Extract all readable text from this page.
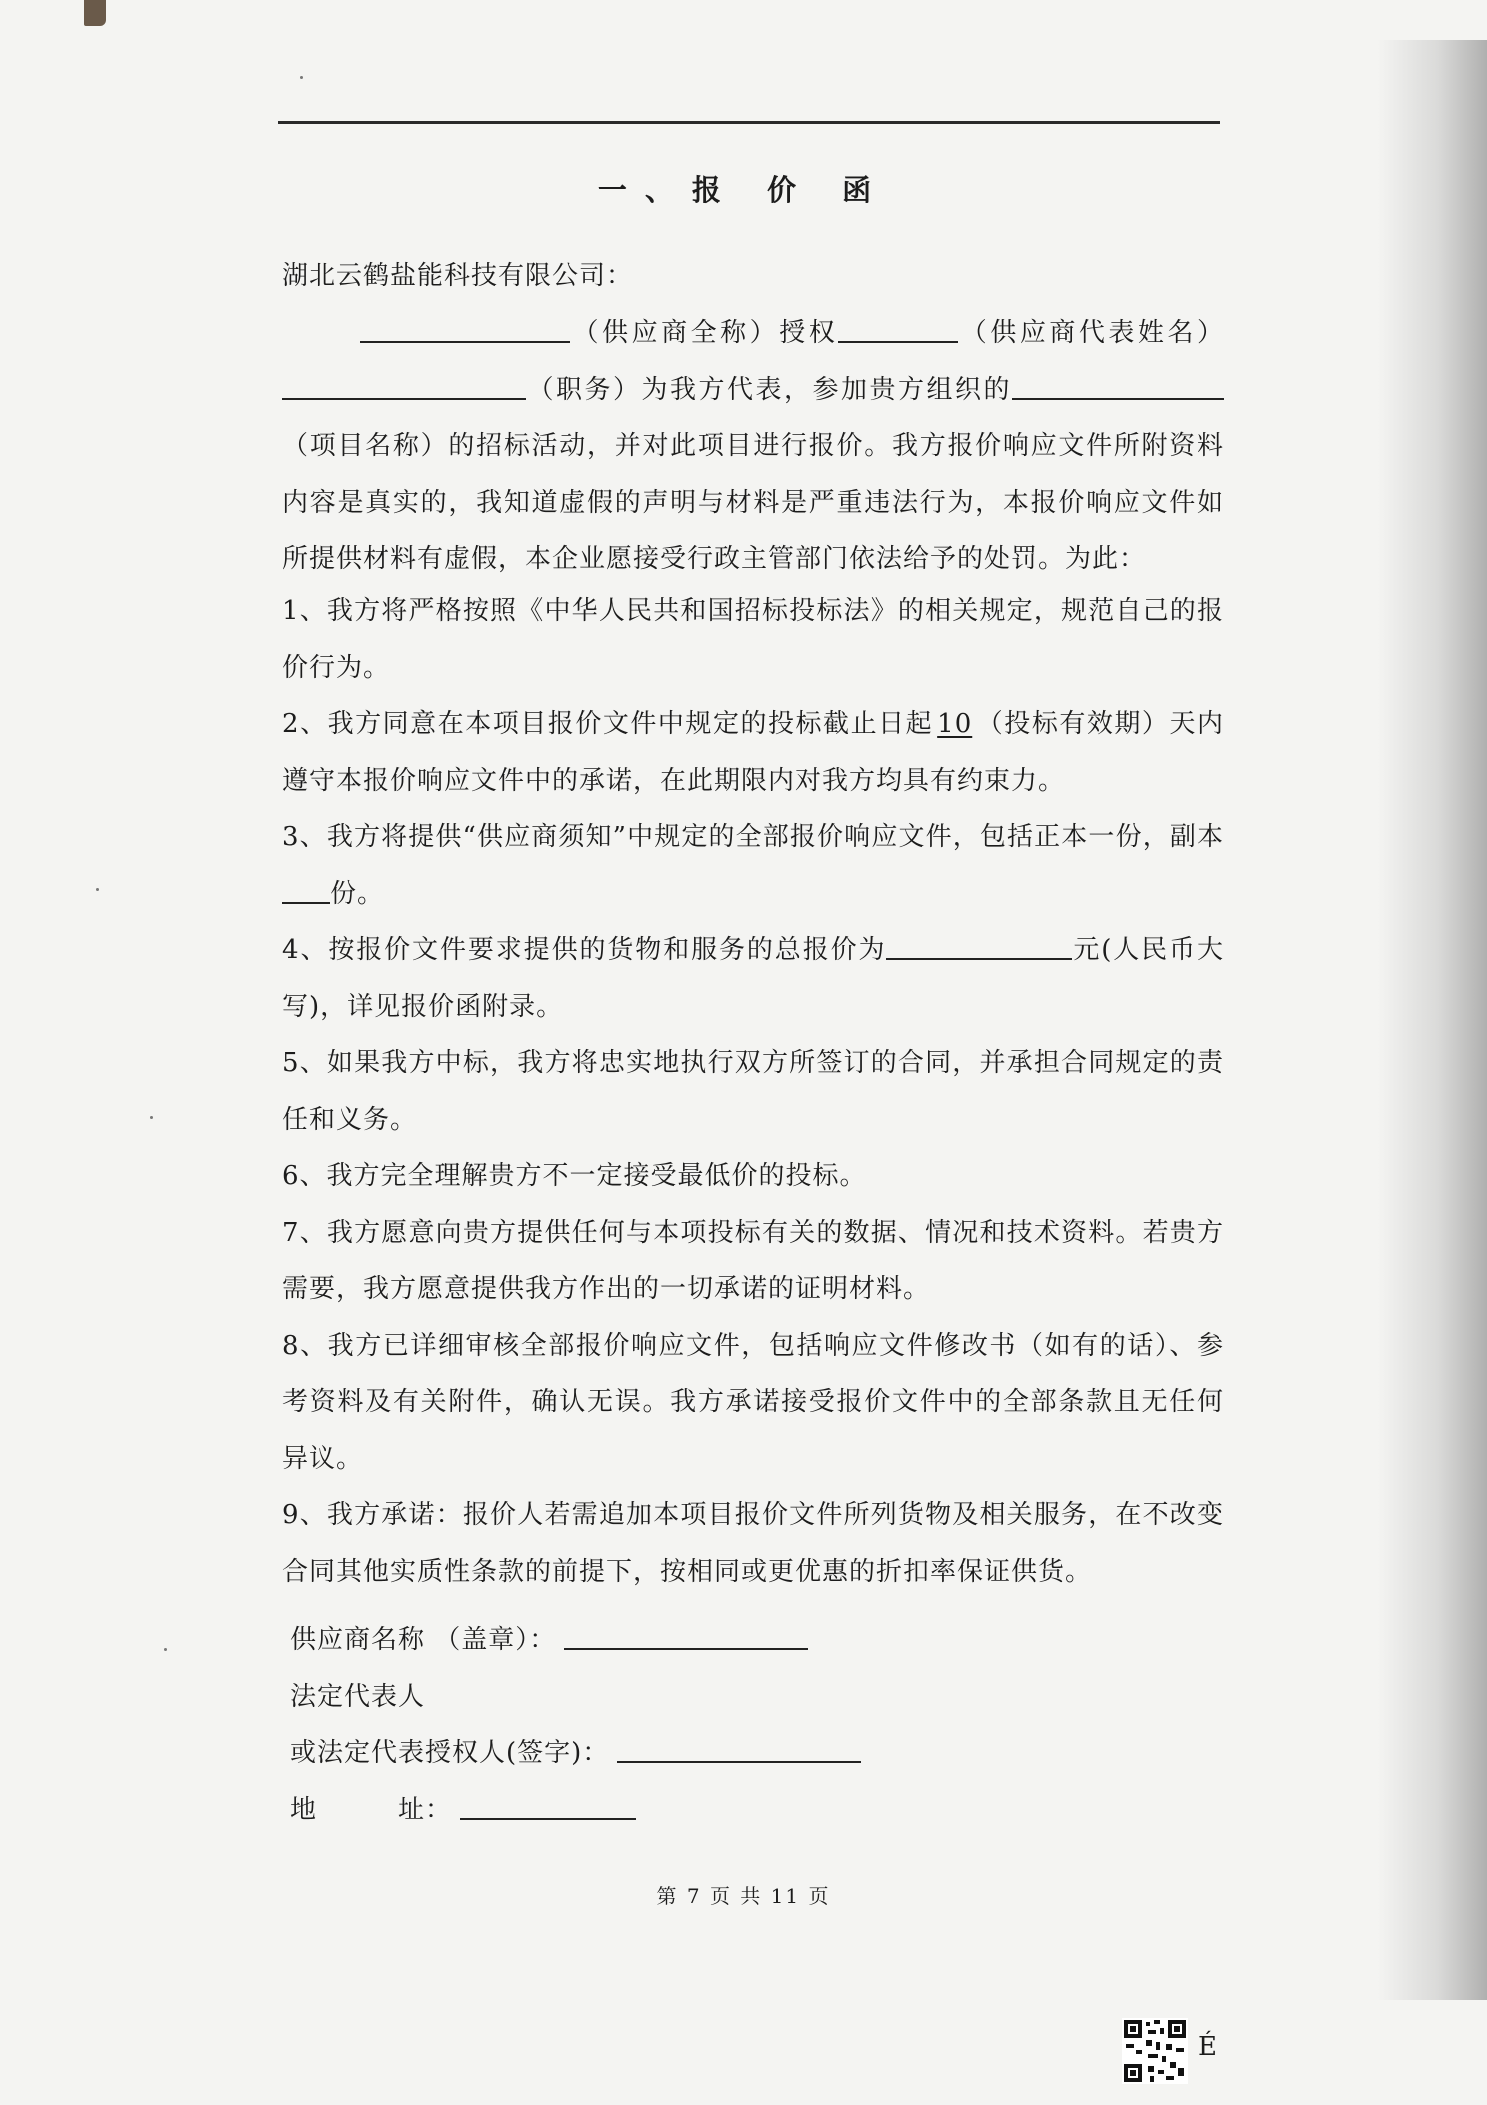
一、报 价 函
湖北云鹤盐能科技有限公司：
（供应商全称）授权	（供应商代表姓名）（职务）为我方代表，参加贵方组织的（项目名称）的招标活动，并对此项目进行报价。我方报价响应文件所附资料内容是真实的，我知道虚假的声明与材料是严重违法行为，本报价响应文件如所提供材料有虚假，本企业愿接受行政主管部门依法给予的处罚。为此：
1、我方将严格按照《中华人民共和国招标投标法》的相关规定，规范自己的报价行为。
2、我方同意在本项目报价文件中规定的投标截止日起 10 （投标有效期）天内遵守本报价响应文件中的承诺，在此期限内对我方均具有约束力。
3、我方将提供“供应商须知”中规定的全部报价响应文件，包括正本一份，副本份。
4、按报价文件要求提供的货物和服务的总报价为	元(人民币大写)，详见报价函附录。
5、如果我方中标，我方将忠实地执行双方所签订的合同，并承担合同规定的责任和义务。
6、我方完全理解贵方不一定接受最低价的投标。
7、我方愿意向贵方提供任何与本项投标有关的数据、情况和技术资料。若贵方需要，我方愿意提供我方作出的一切承诺的证明材料。
8、我方已详细审核全部报价响应文件，包括响应文件修改书（如有的话）、参考资料及有关附件，确认无误。我方承诺接受报价文件中的全部条款且无任何异议。
9、我方承诺：报价人若需追加本项目报价文件所列货物及相关服务，在不改变合同其他实质性条款的前提下，按相同或更优惠的折扣率保证供货。
供应商名称 （盖章）：
法定代表人
或法定代表授权人(签字)：
地　　　址：
第 7 页 共 11 页
É
